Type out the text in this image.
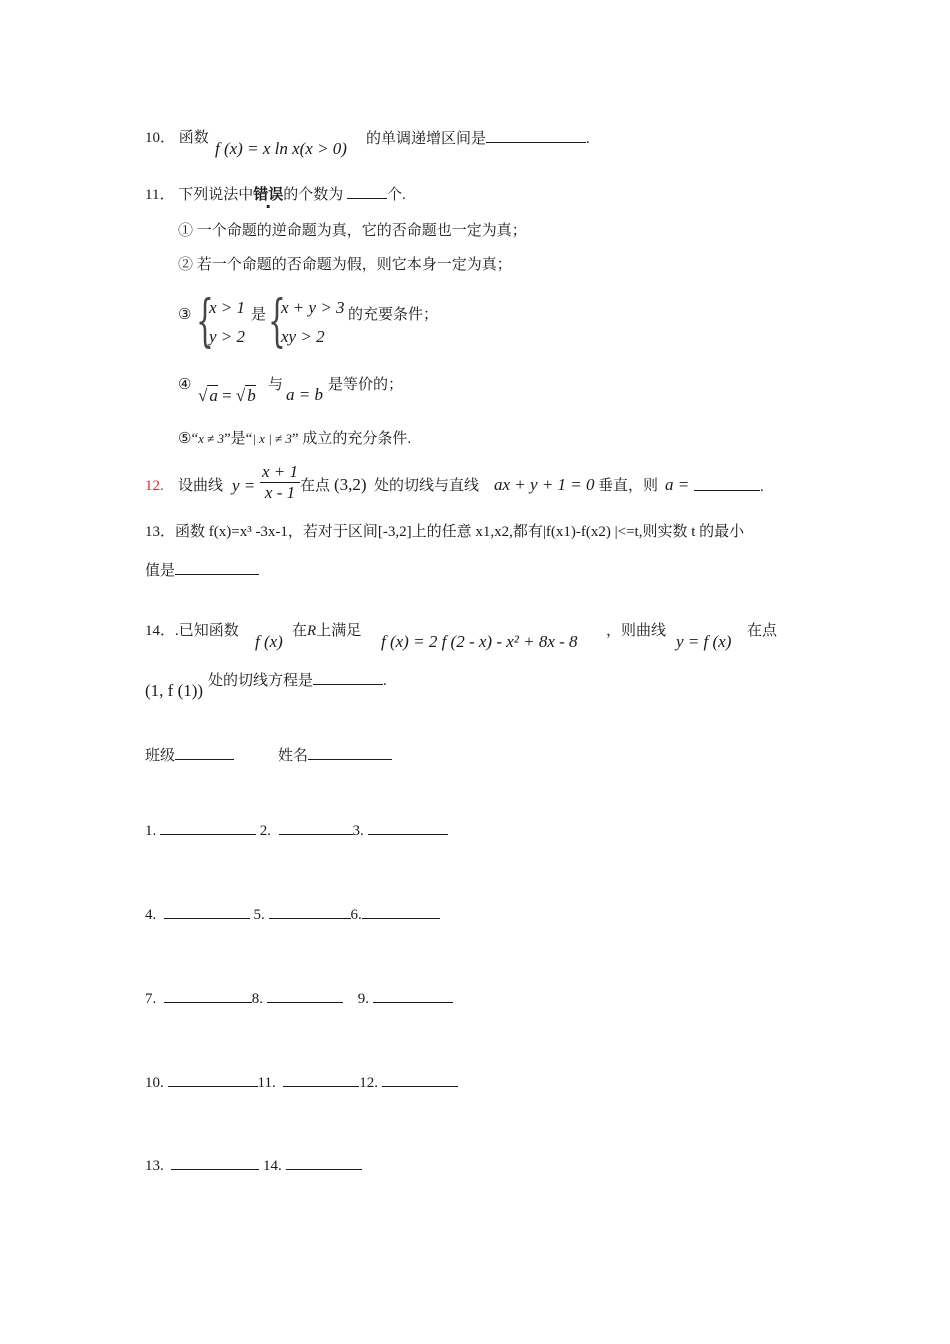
10． 函数
f (x) = x ln x(x > 0) 的单调递增区间是	.
11． 下列说法中错误的个数为	个.
① 一个命题的逆命题为真，它的否命题也一定为真；
② 若一个命题的否命题为假，则它本身一定为真；
③ {
x > 1
y > 2
是 {
x + y > 3
xy > 2
的充要条件；
④
√ a = √ b
与 a = b 是等价的；
⑤“x ≠ 3”是“| x | ≠ 3” 成立的充分条件.
12. 设曲线 $y = \frac{x + 1}{x - 1}$ 在点 (3,2) 处的切线与直线 ax + y + 1 = 0 垂直，则 a =	.
13．函数 f(x)=x³ -3x-1，若对于区间[-3,2]上的任意 x1,x2,都有|f(x1)-f(x2) |<=t,则实数 t 的最小
值是
14．.已知函数
f (x)
在R上满足
f (x) = 2 f (2 - x) - x² + 8x - 8
，则曲线
y = f (x)
在点
(1, f (1)) 处的切线方程是	.
班级	姓名
1.	2.	3.
4.	5.	6.
7.	8.	9.
10.	11.	12.
13.	14.
